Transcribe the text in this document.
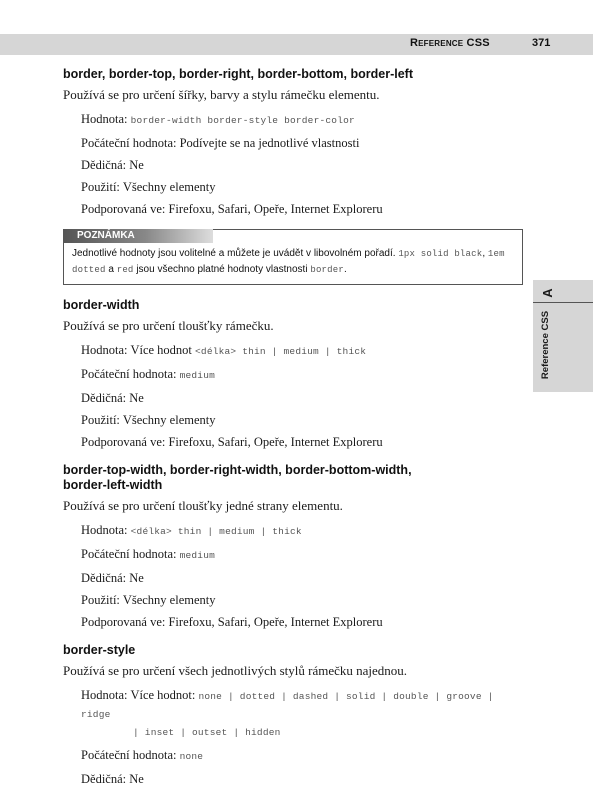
Reference CSS	371
A
Reference CSS
border, border-top, border-right, border-bottom, border-left
Používá se pro určení šířky, barvy a stylu rámečku elementu.
Hodnota: border-width border-style border-color
Počáteční hodnota: Podívejte se na jednotlivé vlastnosti
Dědičná: Ne
Použití: Všechny elementy
Podporovaná ve: Firefoxu, Safari, Opeře, Internet Exploreru
POZNÁMKA
Jednotlivé hodnoty jsou volitelné a můžete je uvádět v libovolném pořadí. 1px solid black, 1em dotted a red jsou všechno platné hodnoty vlastnosti border.
border-width
Používá se pro určení tloušťky rámečku.
Hodnota: Více hodnot <délka> thin | medium | thick
Počáteční hodnota: medium
Dědičná: Ne
Použití: Všechny elementy
Podporovaná ve: Firefoxu, Safari, Opeře, Internet Exploreru
border-top-width, border-right-width, border-bottom-width,
border-left-width
Používá se pro určení tloušťky jedné strany elementu.
Hodnota: <délka> thin | medium | thick
Počáteční hodnota: medium
Dědičná: Ne
Použití: Všechny elementy
Podporovaná ve: Firefoxu, Safari, Opeře, Internet Exploreru
border-style
Používá se pro určení všech jednotlivých stylů rámečku najednou.
Hodnota: Více hodnot: none | dotted | dashed | solid | double | groove | ridge
| inset | outset | hidden
Počáteční hodnota: none
Dědičná: Ne
